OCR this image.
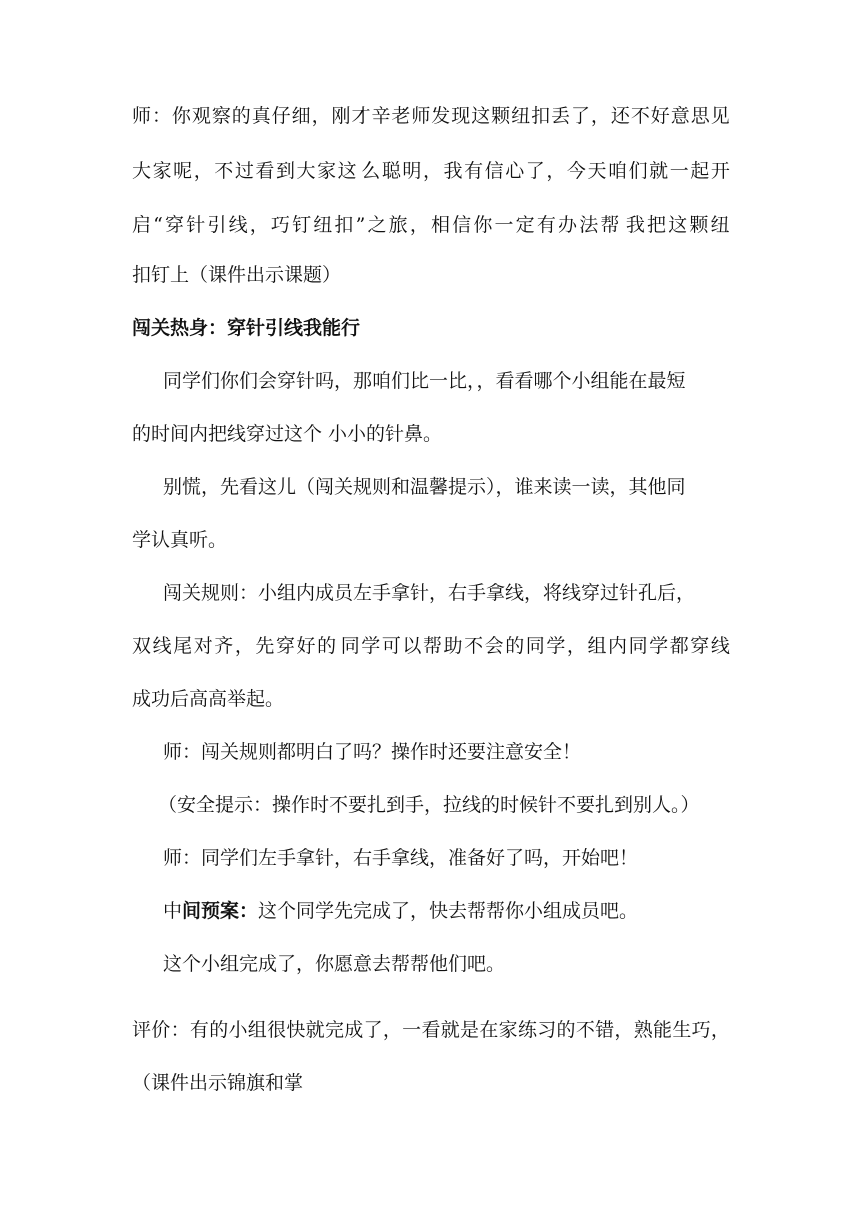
师 ： 你 观 察 的 真 仔 细 ， 刚 才 辛 老 师 发 现 这 颗 纽 扣 丢 了 ， 还 不 好 意 思 见
大 家 呢 ， 不 过 看 到 大 家 这 么 聪 明 ， 我 有 信 心 了 ， 今 天 咱 们 就 一 起 开
启 “ 穿 针 引 线 ， 巧 钉 纽 扣 ” 之 旅 ， 相 信 你 一 定 有 办 法 帮 我 把 这 颗 纽
扣钉上（课件出示课题）
闯关热身：穿针引线我能行
同学们你们会穿针吗，那咱们比一比，，看看哪个小组能在最短
的时间内把线穿过这个 小小的针鼻。
别慌，先看这儿（闯关规则和温馨提示），谁来读一读，其他同
学认真听。
闯关规则：小组内成员左手拿针，右手拿线，将线穿过针孔后，
双 线 尾 对 齐 ， 先 穿 好 的 同 学 可 以 帮 助 不 会 的 同 学 ， 组 内 同 学 都 穿 线
成功后高高举起。
师：闯关规则都明白了吗？操作时还要注意安全！
（安全提示：操作时不要扎到手，拉线的时候针不要扎到别人。）
师：同学们左手拿针，右手拿线，准备好了吗，开始吧！
中间预案：这个同学先完成了，快去帮帮你小组成员吧。
这个小组完成了，你愿意去帮帮他们吧。
评 价 ： 有 的 小 组 很 快 就 完 成 了 ， 一 看 就 是 在 家 练 习 的 不 错 ， 熟 能 生 巧 ，
（课件出示锦旗和掌
